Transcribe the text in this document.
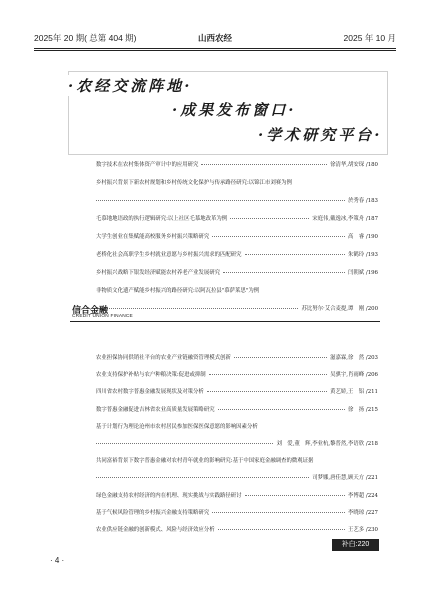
2025年 20 期( 总第 404 期)	山西农经	2025 年 10 月
·农经交流阵地·
·成果发布窗口·
·学术研究平台·
数字技术在农村集体资产审计中的应用研究	徐清华,胡安琛 /180
乡村振兴背景下新农村规划和乡村传统文化保护与传承路径研究:以锦江市刘赛为例
於秀春 /183
乇慕地地语政的执行逻辑研究:以上社区乇慕地改革为例	宋庭伟,戴逸冰,李策舟 /187
大学生创业在集赋能高校服务乡村振兴策略研究	高　睿 /190
老桥化社会高职学生乡村就业意愿与乡村振兴需求的匹配研究	朱鹤玲 /193
乡村振兴战略下银发经济赋能农村养老产业发展研究	闫朝斌 /196
非物质文化遗产赋能乡村振兴的路径研究:以阿瓦拉县"慕萨莱思"为例
苏比努尔·艾合麦提,谭　刚 /200
信合金融
CREDIT UNION FINANCE
农业担保协同供销社平台的农业产业链融资管理模式创新	滋嘉霖,徐　然 /203
农业支持保护补贴与农户种粮决策:促进或抑制	吴骐宇,肖雨峰 /206
四川省农村数字普惠金融发展现状及对策分析	黄艺娇,王　铝 /211
数字普惠金融促进吉林省农业高质量发展策略研究	徐　扬 /215
基于计划行为理论沧州市农村居民参加医保医保意愿的影响因素分析
刘　爱,董　辉,李业杭,黎普然,李语欣 /218
共同富裕背景下数字普惠金融对农村青年就业的影响研究:基于中国家庭金融调查的微观证据
司梦娜,唐佳慧,顾天方 /221
绿色金融支持农村经济的内在机理、现实挑战与实践路径研讨	李博超 /224
基于气候风险管理的乡村振兴金融支持策略研究	李晓琼 /227
农业供应链金融的创新模式、风险与经济效应分析	王艺多 /230
补白:220
· 4 ·
